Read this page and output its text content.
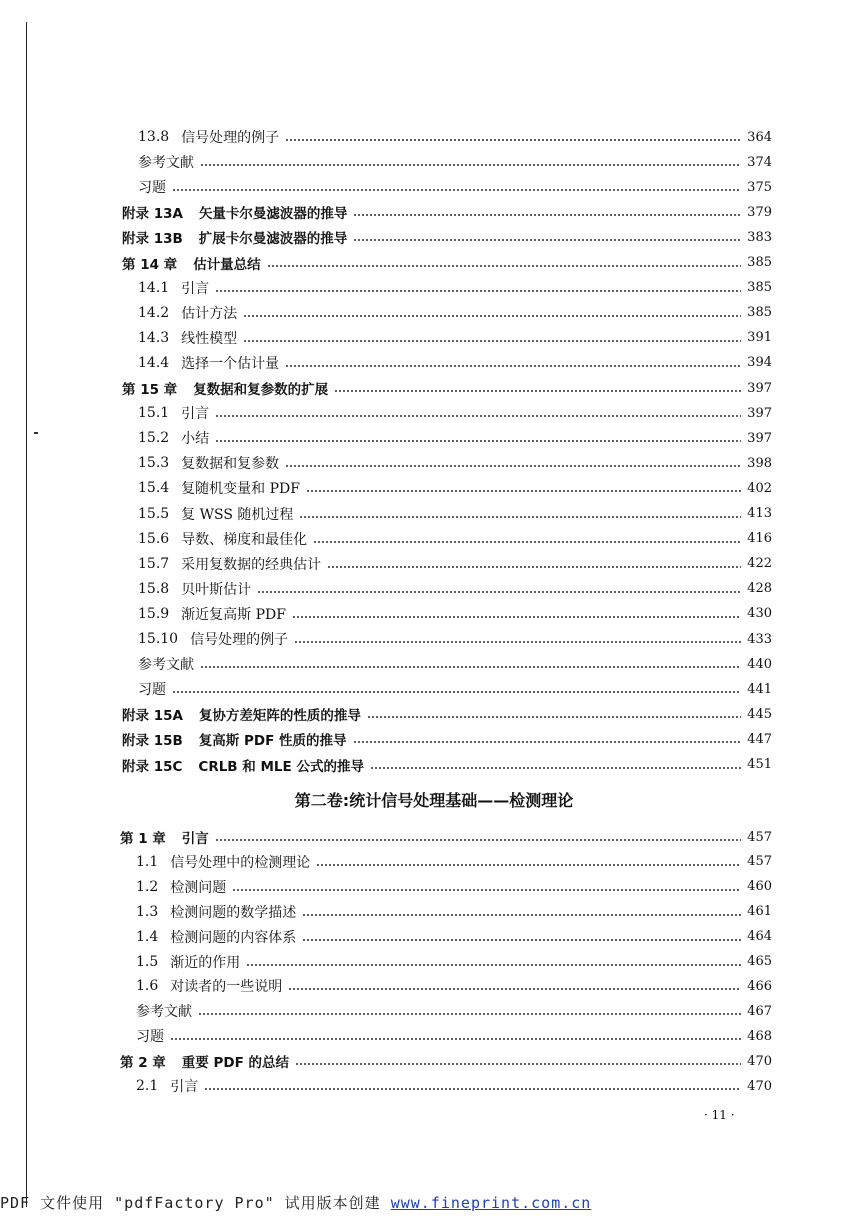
13.8 信号处理的例子	364
参考文献	374
习题	375
附录 13A 矢量卡尔曼滤波器的推导	379
附录 13B 扩展卡尔曼滤波器的推导	383
第 14 章 估计量总结	385
14.1 引言	385
14.2 估计方法	385
14.3 线性模型	391
14.4 选择一个估计量	394
第 15 章 复数据和复参数的扩展	397
15.1 引言	397
15.2 小结	397
15.3 复数据和复参数	398
15.4 复随机变量和 PDF	402
15.5 复 WSS 随机过程	413
15.6 导数、梯度和最佳化	416
15.7 采用复数据的经典估计	422
15.8 贝叶斯估计	428
15.9 渐近复高斯 PDF	430
15.10 信号处理的例子	433
参考文献	440
习题	441
附录 15A 复协方差矩阵的性质的推导	445
附录 15B 复高斯 PDF 性质的推导	447
附录 15C CRLB 和 MLE 公式的推导	451
第二卷:统计信号处理基础——检测理论
第 1 章 引言	457
1.1 信号处理中的检测理论	457
1.2 检测问题	460
1.3 检测问题的数学描述	461
1.4 检测问题的内容体系	464
1.5 渐近的作用	465
1.6 对读者的一些说明	466
参考文献	467
习题	468
第 2 章 重要 PDF 的总结	470
2.1 引言	470
· 11 ·
PDF 文件使用 "pdfFactory Pro" 试用版本创建 www.fineprint.com.cn
